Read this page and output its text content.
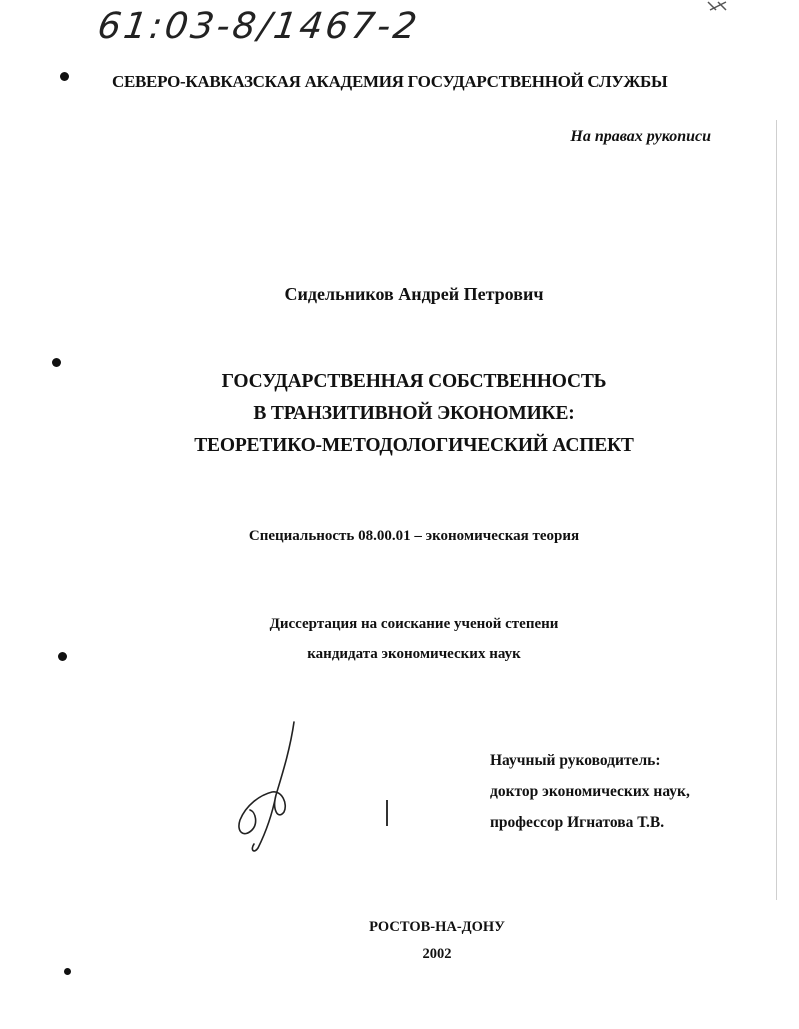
61:03-8/1467-2
СЕВЕРО-КАВКАЗСКАЯ АКАДЕМИЯ ГОСУДАРСТВЕННОЙ СЛУЖБЫ
На правах рукописи
Сидельников Андрей Петрович
ГОСУДАРСТВЕННАЯ СОБСТВЕННОСТЬ
В ТРАНЗИТИВНОЙ ЭКОНОМИКЕ:
ТЕОРЕТИКО-МЕТОДОЛОГИЧЕСКИЙ АСПЕКТ
Специальность 08.00.01 – экономическая теория
Диссертация на соискание ученой степени
кандидата экономических наук
Научный руководитель:
доктор экономических наук,
профессор Игнатова Т.В.
РОСТОВ-НА-ДОНУ
2002
